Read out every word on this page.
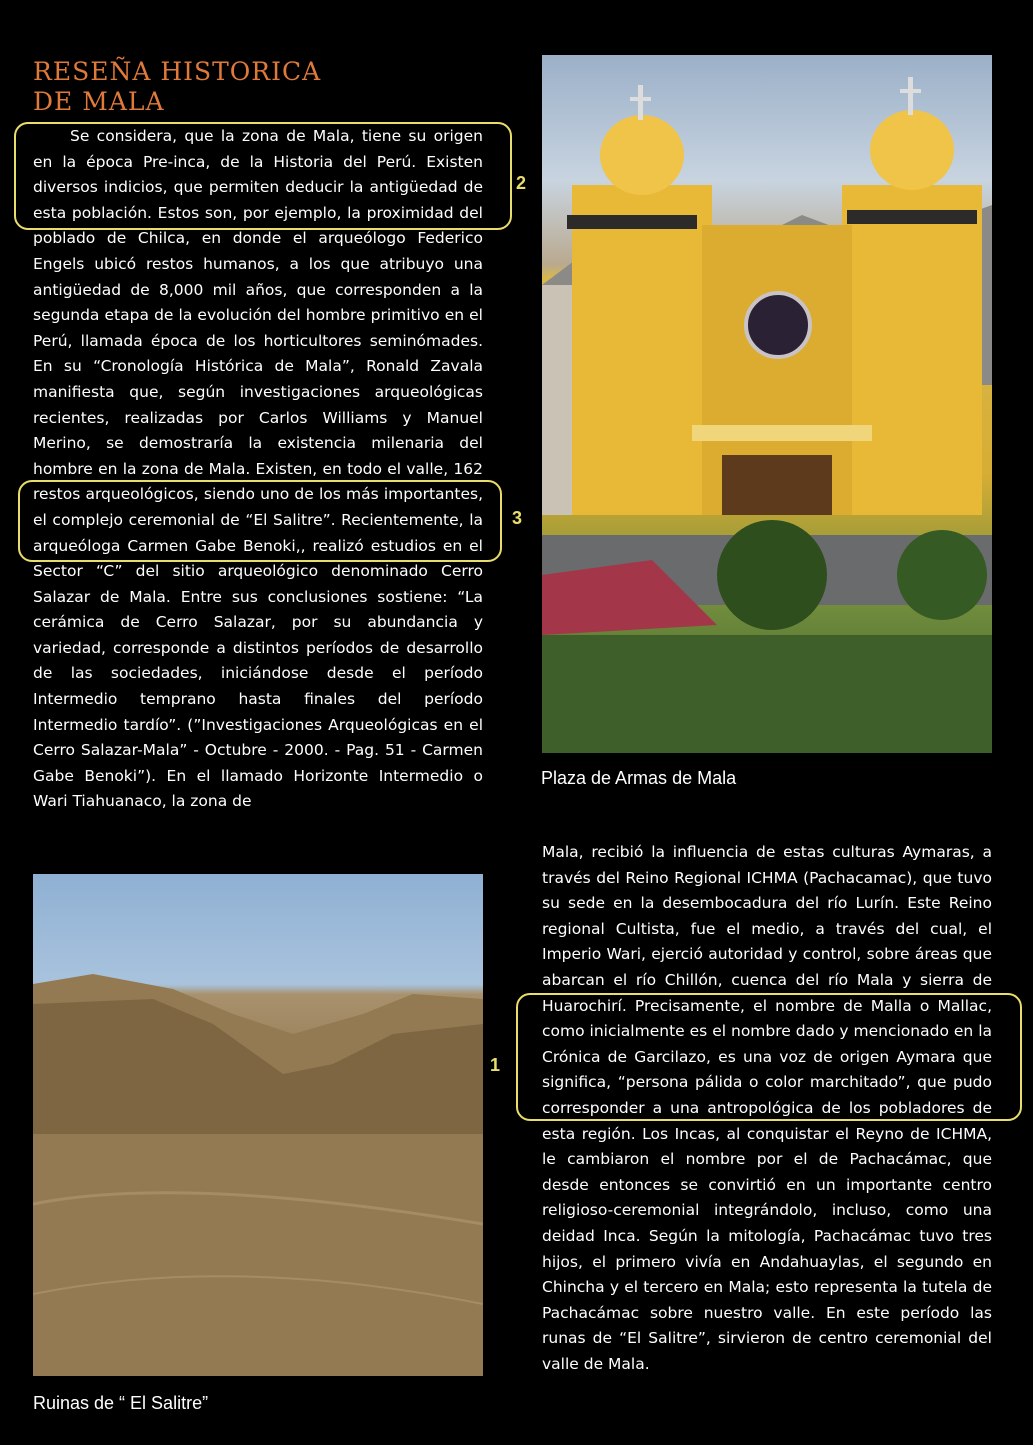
RESEÑA HISTORICA
DE MALA

Se considera, que la zona de Mala, tiene su origen en la época Pre-inca, de la Historia del Perú. Existen diversos indicios, que permiten deducir la antigüedad de esta población. Estos son, por ejemplo, la proximidad del poblado de Chilca, en donde el arqueólogo Federico Engels ubicó restos humanos, a los que atribuyo una antigüedad de 8,000 mil años, que corresponden a la segunda etapa de la evolución del hombre primitivo en el Perú, llamada época de los horticultores seminómades. En su “Cronología Histórica de Mala”, Ronald Zavala manifiesta que, según investigaciones arqueológicas recientes, realizadas por Carlos Williams y Manuel Merino, se demostraría la existencia milenaria del hombre en la zona de Mala. Existen, en todo el valle, 162 restos arqueológicos, siendo uno de los más importantes, el complejo ceremonial de “El Salitre”. Recientemente, la arqueóloga Carmen Gabe Benoki,, realizó estudios en el Sector “C” del sitio arqueológico denominado Cerro Salazar de Mala. Entre sus conclusiones sostiene: “La cerámica de Cerro Salazar, por su abundancia y variedad, corresponde a distintos períodos de desarrollo de las sociedades, iniciándose desde el período Intermedio temprano hasta finales del período Intermedio tardío”. (”Investigaciones Arqueológicas en el Cerro Salazar-Mala” - Octubre - 2000. - Pag. 51 - Carmen Gabe Benoki”). En el llamado Horizonte Intermedio o Wari Tiahuanaco, la zona de

Plaza de Armas de Mala

Ruinas de “ El Salitre”

Mala, recibió la influencia de estas culturas Aymaras, a través del Reino Regional ICHMA (Pachacamac), que tuvo su sede en la desembocadura del río Lurín. Este Reino regional Cultista, fue el medio, a través del cual, el Imperio Wari, ejerció autoridad y control, sobre áreas que abarcan el río Chillón, cuenca del río Mala y sierra de Huarochirí. Precisamente, el nombre de Malla o Mallac, como inicialmente es el nombre dado y mencionado en la Crónica de Garcilazo, es una voz de origen Aymara que significa, “persona pálida o color marchitado”, que pudo corresponder a una antropológica de los pobladores de esta región. Los Incas, al conquistar el Reyno de ICHMA, le cambiaron el nombre por el de Pachacámac, que desde entonces se convirtió en un importante centro religioso-ceremonial integrándolo, incluso, como una deidad Inca. Según la mitología, Pachacámac tuvo tres hijos, el primero vivía en Andahuaylas, el segundo en Chincha y el tercero en Mala; esto representa la tutela de Pachacámac sobre nuestro valle. En este período las runas de “El Salitre”, sirvieron de centro ceremonial del valle de Mala.

2
3
1
